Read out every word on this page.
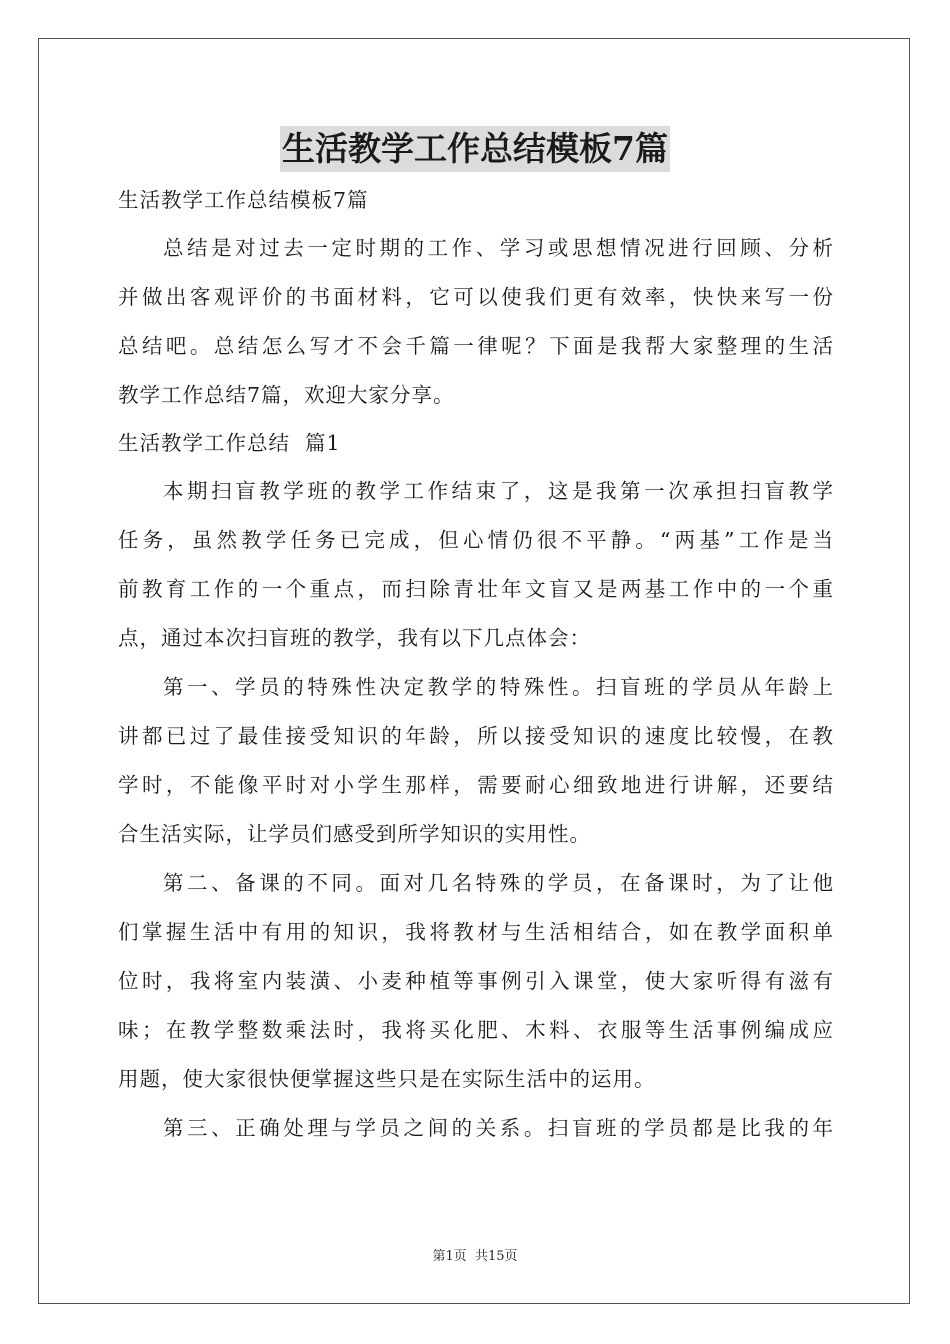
生活教学工作总结模板7篇
生活教学工作总结模板7篇
总结是对过去一定时期的工作、学习或思想情况进行回顾、分析
并做出客观评价的书面材料，它可以使我们更有效率，快快来写一份
总结吧。总结怎么写才不会千篇一律呢？下面是我帮大家整理的生活
教学工作总结7篇，欢迎大家分享。
生活教学工作总结  篇1
本期扫盲教学班的教学工作结束了，这是我第一次承担扫盲教学
任务，虽然教学任务已完成，但心情仍很不平静。“两基”工作是当
前教育工作的一个重点，而扫除青壮年文盲又是两基工作中的一个重
点，通过本次扫盲班的教学，我有以下几点体会：
第一、学员的特殊性决定教学的特殊性。扫盲班的学员从年龄上
讲都已过了最佳接受知识的年龄，所以接受知识的速度比较慢，在教
学时，不能像平时对小学生那样，需要耐心细致地进行讲解，还要结
合生活实际，让学员们感受到所学知识的实用性。
第二、备课的不同。面对几名特殊的学员，在备课时，为了让他
们掌握生活中有用的知识，我将教材与生活相结合，如在教学面积单
位时，我将室内装潢、小麦种植等事例引入课堂，使大家听得有滋有
味；在教学整数乘法时，我将买化肥、木料、衣服等生活事例编成应
用题，使大家很快便掌握这些只是在实际生活中的运用。
第三、正确处理与学员之间的关系。扫盲班的学员都是比我的年
第1页 共15页
